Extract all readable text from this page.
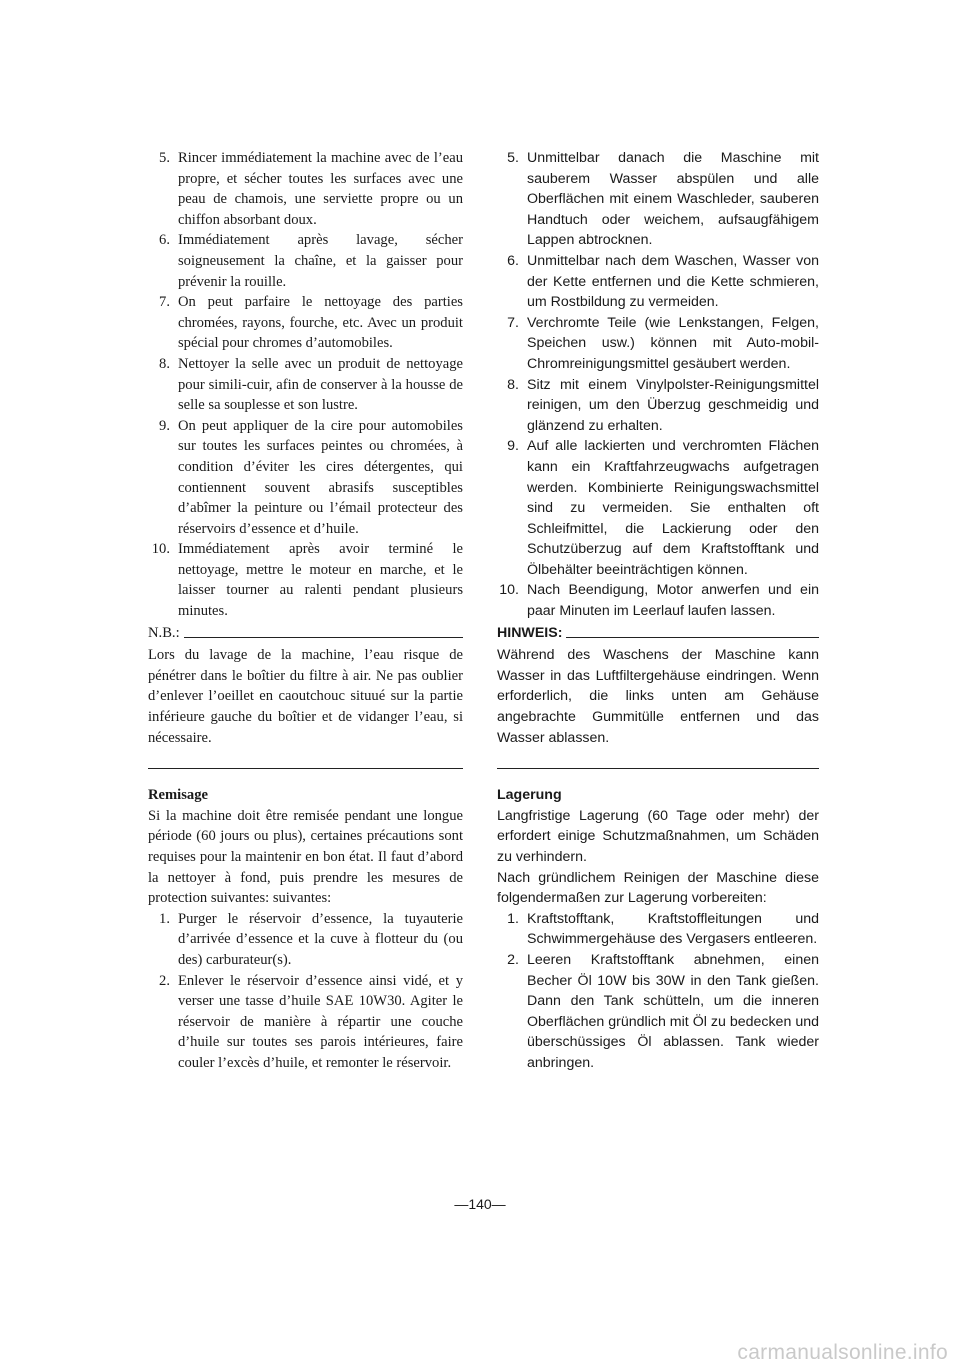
5. Rincer immédiatement la machine avec de l’eau propre, et sécher toutes les surfaces avec une peau de chamois, une serviette propre ou un chiffon absorbant doux.
6. Immédiatement après lavage, sécher soigneusement la chaîne, et la gaisser pour prévenir la rouille.
7. On peut parfaire le nettoyage des parties chromées, rayons, fourche, etc. Avec un produit spécial pour chromes d’automobiles.
8. Nettoyer la selle avec un produit de nettoyage pour simili-cuir, afin de conserver à la housse de selle sa souplesse et son lustre.
9. On peut appliquer de la cire pour automobiles sur toutes les surfaces peintes ou chromées, à condition d’éviter les cires détergentes, qui contiennent souvent abrasifs susceptibles d’abîmer la peinture ou l’émail protecteur des réservoirs d’essence et d’huile.
10. Immédiatement après avoir terminé le nettoyage, mettre le moteur en marche, et le laisser tourner au ralenti pendant plusieurs minutes.
N.B.:

Lors du lavage de la machine, l’eau risque de pénétrer dans le boîtier du filtre à air. Ne pas oublier d’enlever l’oeillet en caoutchouc situué sur la partie inférieure gauche du boîtier et de vidanger l’eau, si nécessaire.

Remisage

Si la machine doit être remisée pendant une longue période (60 jours ou plus), certaines précautions sont requises pour la maintenir en bon état. Il faut d’abord la nettoyer à fond, puis prendre les mesures de protection suivantes: suivantes:

1. Purger le réservoir d’essence, la tuyauterie d’arrivée d’essence et la cuve à flotteur du (ou des) carburateur(s).
2. Enlever le réservoir d’essence ainsi vidé, et y verser une tasse d’huile SAE 10W30. Agiter le réservoir de manière à répartir une couche d’huile sur toutes ses parois intérieures, faire couler l’excès d’huile, et remonter le réservoir.
5. Unmittelbar danach die Maschine mit sauberem Wasser abspülen und alle Oberflächen mit einem Waschleder, sauberen Handtuch oder weichem, aufsaugfähigem Lappen abtrocknen.
6. Unmittelbar nach dem Waschen, Wasser von der Kette entfernen und die Kette schmieren, um Rostbildung zu vermeiden.
7. Verchromte Teile (wie Lenkstangen, Felgen, Speichen usw.) können mit Auto-mobil-Chromreinigungsmittel gesäubert werden.
8. Sitz mit einem Vinylpolster-Reinigungsmittel reinigen, um den Überzug geschmeidig und glänzend zu erhalten.
9. Auf alle lackierten und verchromten Flächen kann ein Kraftfahrzeugwachs aufgetragen werden. Kombinierte Reinigungswachsmittel sind zu vermeiden. Sie enthalten oft Schleifmittel, die Lackierung oder den Schutzüberzug auf dem Kraftstofftank und Ölbehälter beeinträchtigen können.
10. Nach Beendigung, Motor anwerfen und ein paar Minuten im Leerlauf laufen lassen.
HINWEIS:

Während des Waschens der Maschine kann Wasser in das Luftfiltergehäuse eindringen. Wenn erforderlich, die links unten am Gehäuse angebrachte Gummitülle entfernen und das Wasser ablassen.

Lagerung

Langfristige Lagerung (60 Tage oder mehr) der erfordert einige Schutzmaßnahmen, um Schäden zu verhindern.

Nach gründlichem Reinigen der Maschine diese folgendermaßen zur Lagerung vorbereiten:

1. Kraftstofftank, Kraftstoffleitungen und Schwimmergehäuse des Vergasers entleeren.
2. Leeren Kraftstofftank abnehmen, einen Becher Öl 10W bis 30W in den Tank gießen. Dann den Tank schütteln, um die inneren Oberflächen gründlich mit Öl zu bedecken und überschüssiges Öl ablassen. Tank wieder anbringen.
—140—
carmanualsonline.info
